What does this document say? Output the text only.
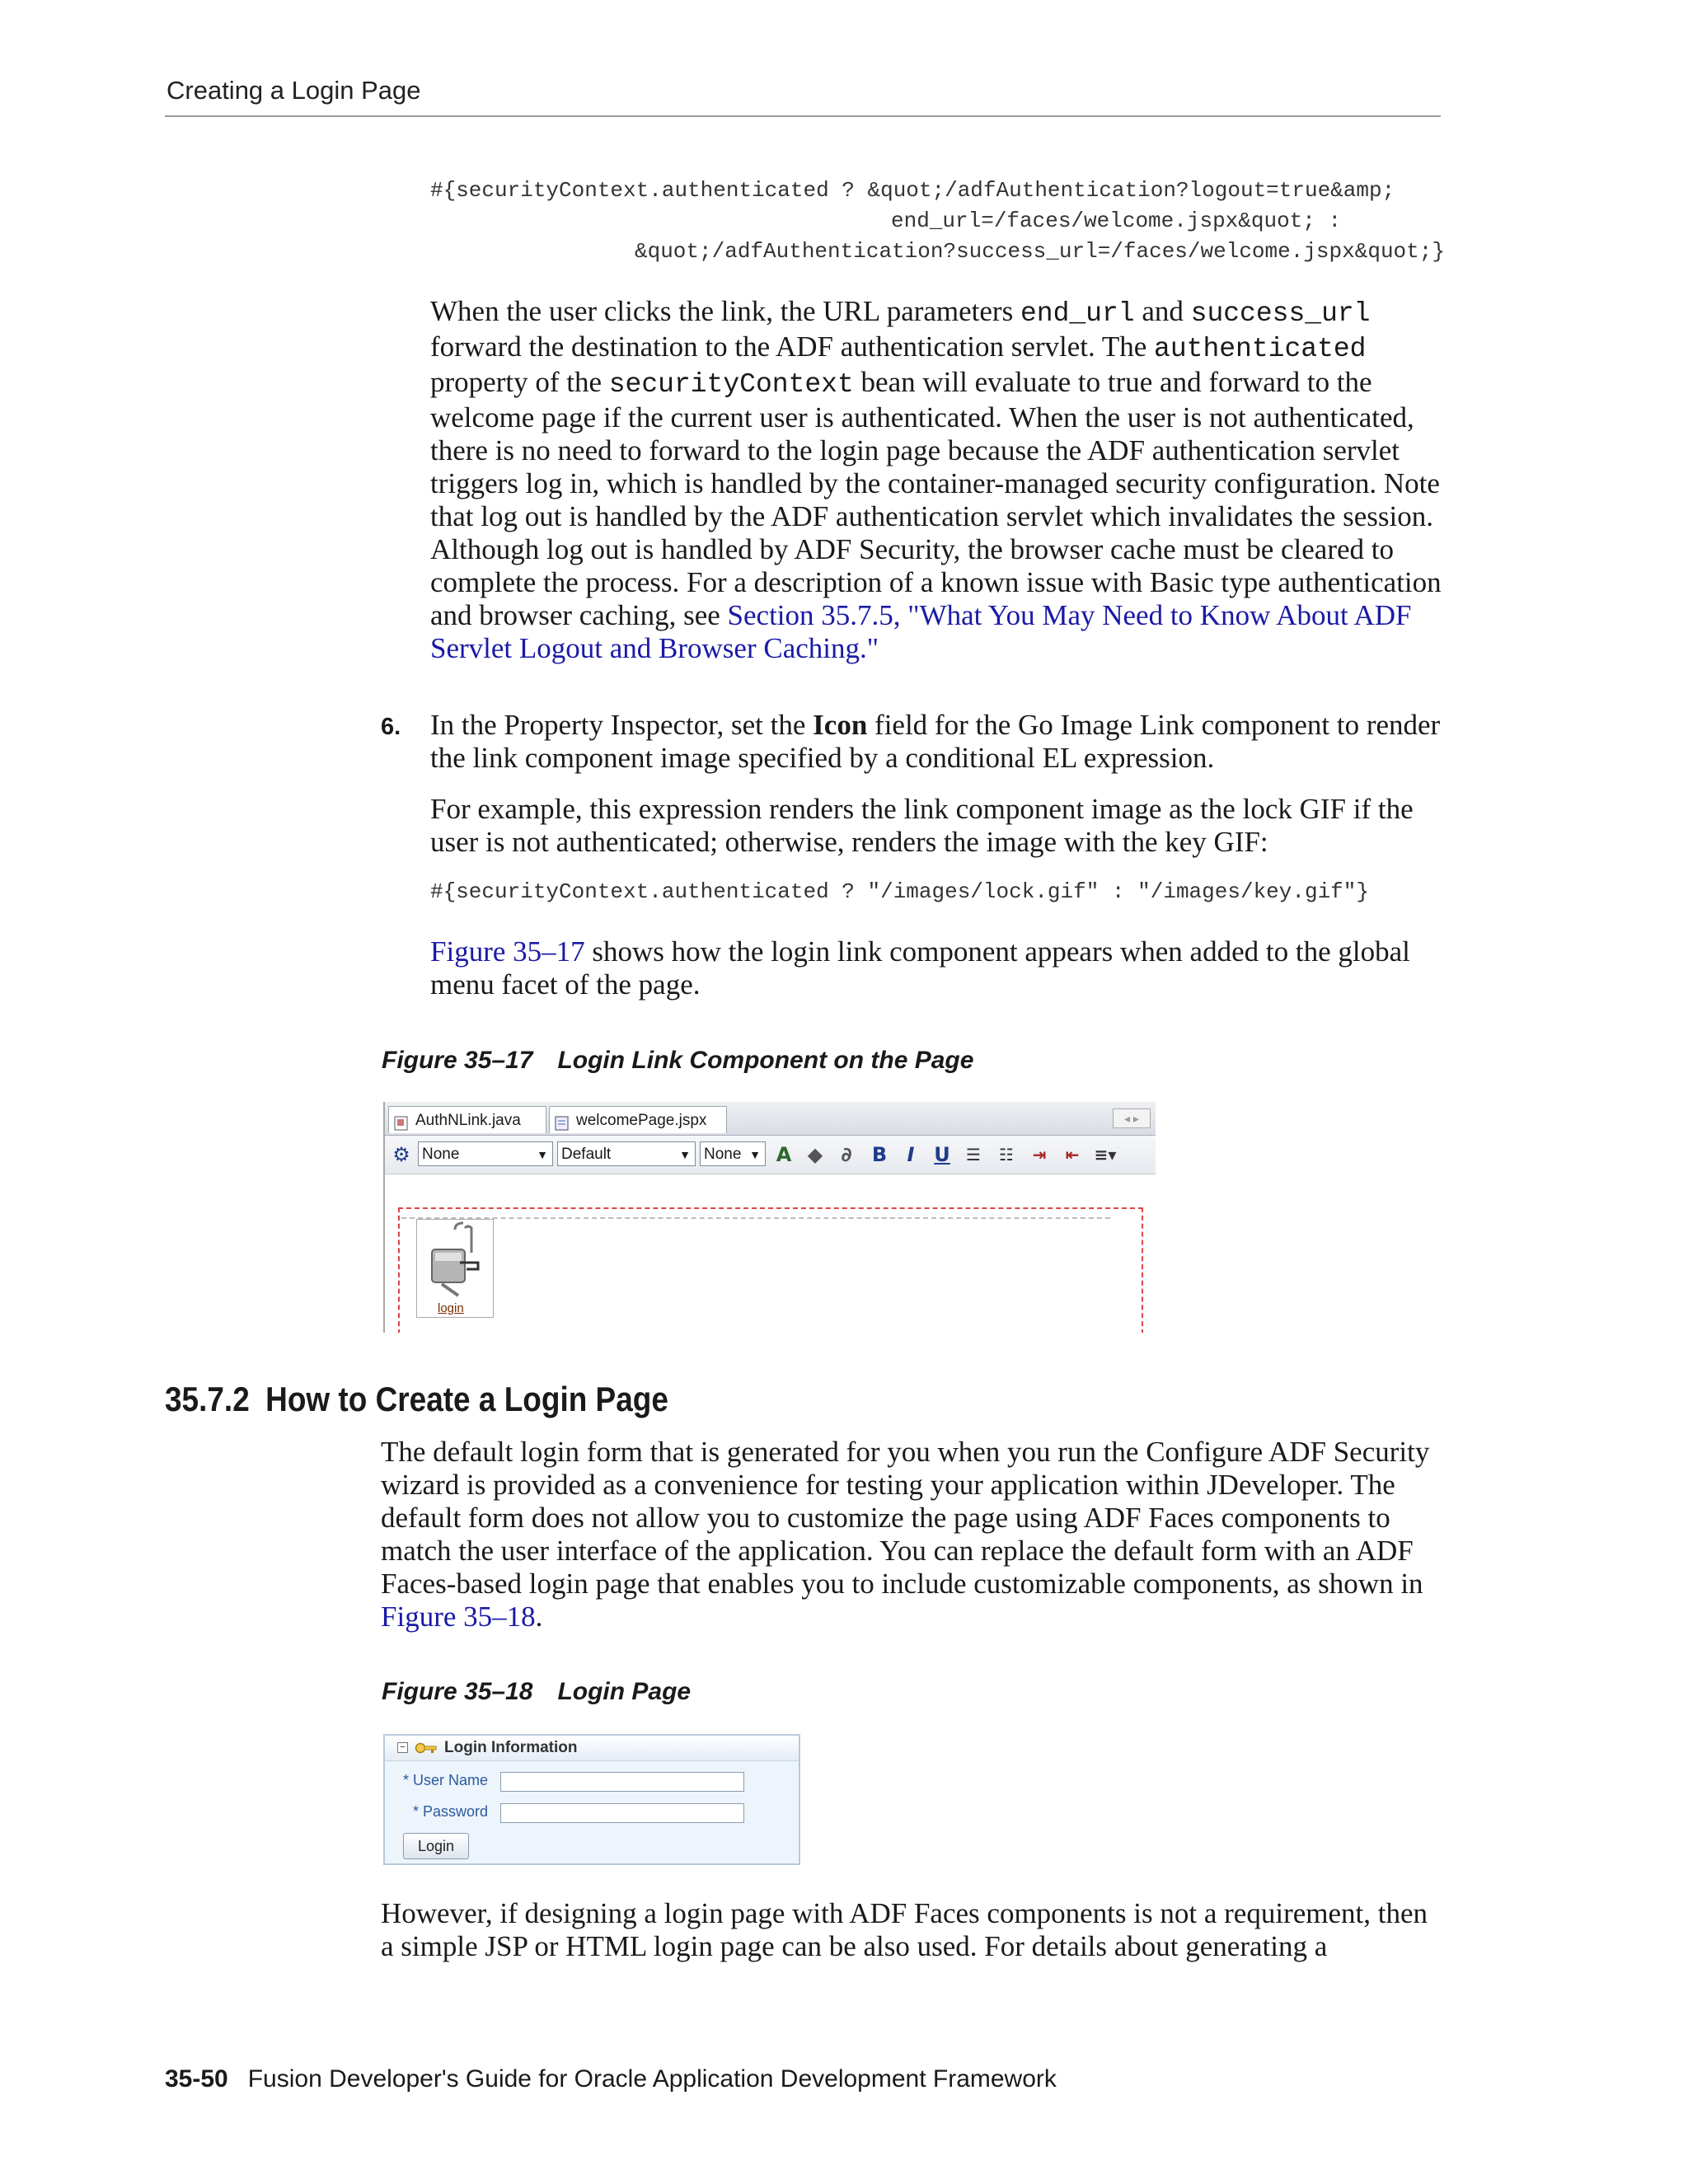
Creating a Login Page
#{securityContext.authenticated ? &quot;/adfAuthentication?logout=true&amp;
end_url=/faces/welcome.jspx&quot; :
&quot;/adfAuthentication?success_url=/faces/welcome.jspx&quot;}

When the user clicks the link, the URL parameters end_url and success_url forward the destination to the ADF authentication servlet. The authenticated property of the securityContext bean will evaluate to true and forward to the welcome page if the current user is authenticated. When the user is not authenticated, there is no need to forward to the login page because the ADF authentication servlet triggers log in, which is handled by the container-managed security configuration. Note that log out is handled by the ADF authentication servlet which invalidates the session. Although log out is handled by ADF Security, the browser cache must be cleared to complete the process. For a description of a known issue with Basic type authentication and browser caching, see Section 35.7.5, "What You May Need to Know About ADF Servlet Logout and Browser Caching."

6. In the Property Inspector, set the Icon field for the Go Image Link component to render the link component image specified by a conditional EL expression.

For example, this expression renders the link component image as the lock GIF if the user is not authenticated; otherwise, renders the image with the key GIF:
#{securityContext.authenticated ? "/images/lock.gif" : "/images/key.gif"}

Figure 35–17 shows how the login link component appears when added to the global menu facet of the page.

Figure 35–17 Login Link Component on the Page
AuthNLink.java	welcomePage.jspx	◂ ▸
⚙ None	▼ Default	▼ None ▼ A ◆ ∂	B	I U ☰ ☷ ⇥ ⇤ ≡▾
login
35.7.2 How to Create a Login Page

The default login form that is generated for you when you run the Configure ADF Security wizard is provided as a convenience for testing your application within JDeveloper. The default form does not allow you to customize the page using ADF Faces components to match the user interface of the application. You can replace the default form with an ADF Faces-based login page that enables you to include customizable components, as shown in Figure 35–18.

Figure 35–18 Login Page
− Login Information
* User Name
* Password
Login
However, if designing a login page with ADF Faces components is not a requirement, then a simple JSP or HTML login page can be also used. For details about generating a
35-50 Fusion Developer's Guide for Oracle Application Development Framework
